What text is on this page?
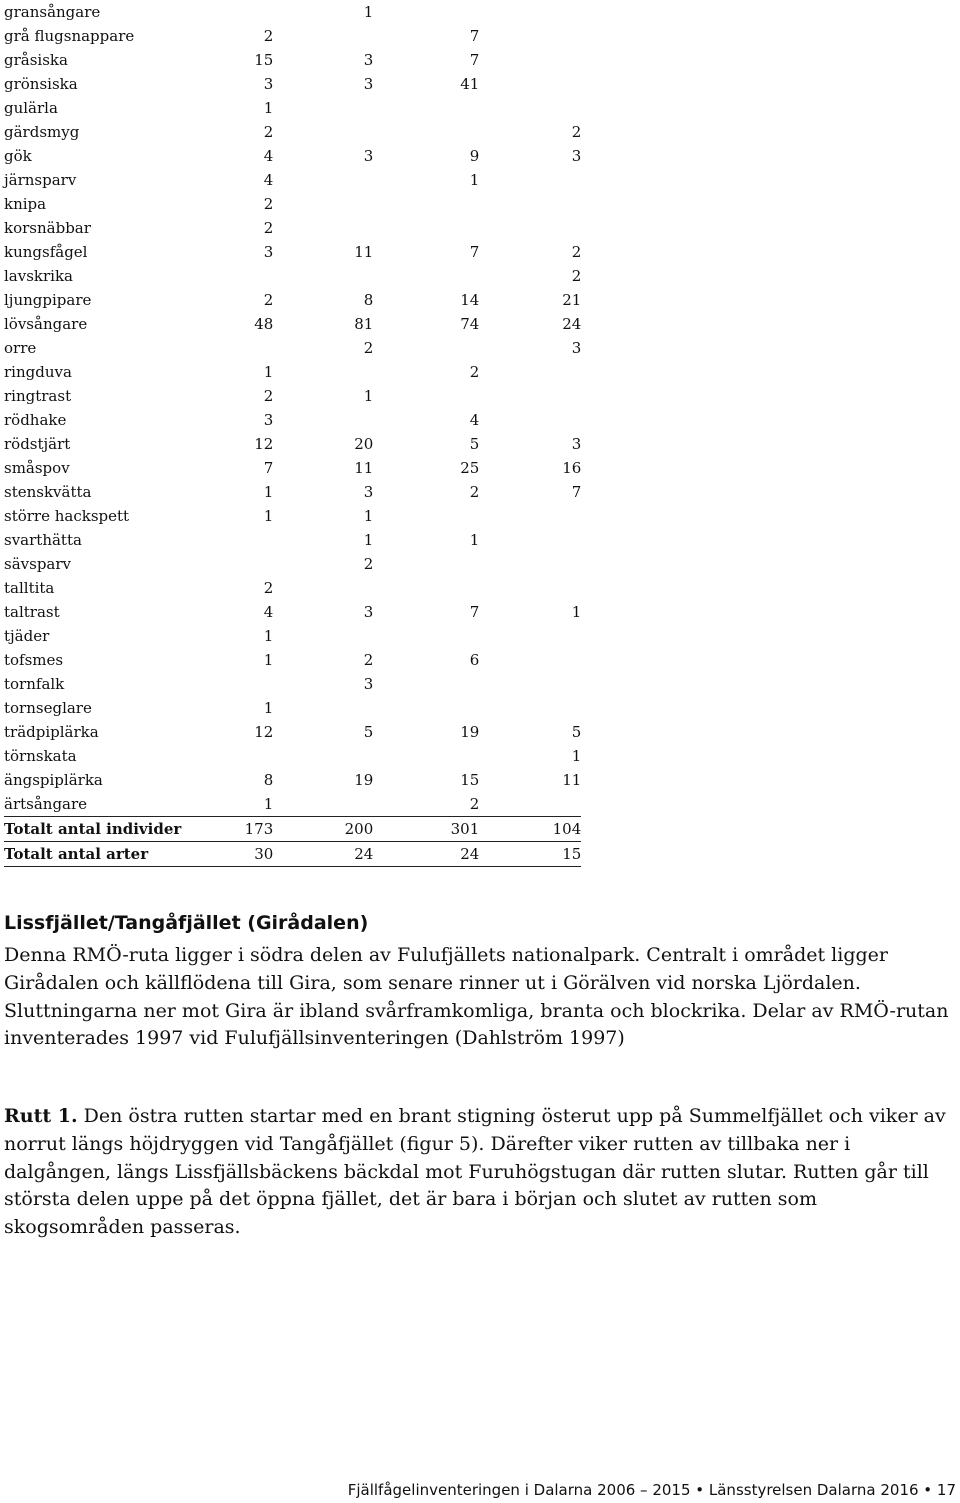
gransångare		1		
grå flugsnappare	2		7	
gråsiska	15	3	7	
grönsiska	3	3	41	
gulärla	1			
gärdsmyg	2			2
gök	4	3	9	3
järnsparv	4		1	
knipa	2			
korsnäbbar	2			
kungsfågel	3	11	7	2
lavskrika				2
ljungpipare	2	8	14	21
lövsångare	48	81	74	24
orre		2		3
ringduva	1		2	
ringtrast	2	1		
rödhake	3		4	
rödstjärt	12	20	5	3
småspov	7	11	25	16
stenskvätta	1	3	2	7
större hackspett	1	1		
svarthätta		1	1	
sävsparv		2		
talltita	2			
taltrast	4	3	7	1
tjäder	1			
tofsmes	1	2	6	
tornfalk		3		
tornseglare	1			
trädpiplärka	12	5	19	5
törnskata				1
ängspiplärka	8	19	15	11
ärtsångare	1		2	
Totalt antal individer	173	200	301	104
Totalt antal arter	30	24	24	15
Lissfjället/Tangåfjället (Girådalen)

Denna RMÖ-ruta ligger i södra delen av Fulufjällets nationalpark. Centralt i området ligger Girådalen och källflödena till Gira, som senare rinner ut i Görälven vid norska Ljördalen. Sluttningarna ner mot Gira är ibland svårframkomliga, branta och blockrika. Delar av RMÖ-rutan inventerades 1997 vid Fulufjällsinventeringen (Dahlström 1997)

Rutt 1. Den östra rutten startar med en brant stigning österut upp på Summelfjället och viker av norrut längs höjdryggen vid Tangåfjället (figur 5). Därefter viker rutten av tillbaka ner i dalgången, längs Lissfjällsbäckens bäckdal mot Furuhögstugan där rutten slutar. Rutten går till största delen uppe på det öppna fjället, det är bara i början och slutet av rutten som skogsområden passeras.

Fjällfågelinventeringen i Dalarna 2006 – 2015 • Länsstyrelsen Dalarna 2016 • 17
